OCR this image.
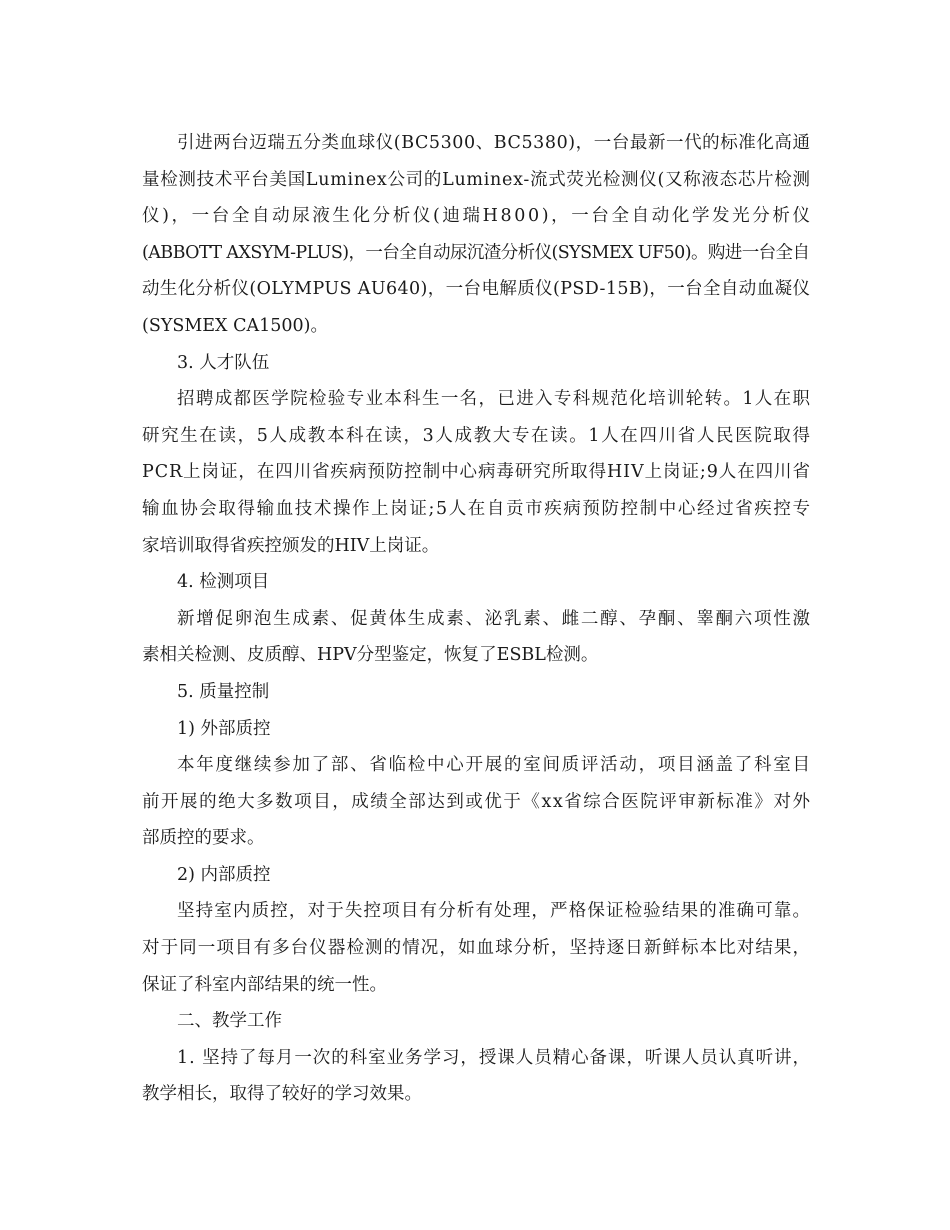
引进两台迈瑞五分类血球仪(BC5300、BC5380)，一台最新一代的标准化高通
量检测技术平台美国Luminex公司的Luminex-流式荧光检测仪(又称液态芯片检测
仪)，一台全自动尿液生化分析仪(迪瑞H800)，一台全自动化学发光分析仪
(ABBOTT AXSYM-PLUS)，一台全自动尿沉渣分析仪(SYSMEX UF50)。购进一台全自
动生化分析仪(OLYMPUS AU640)，一台电解质仪(PSD-15B)，一台全自动血凝仪
(SYSMEX CA1500)。
3. 人才队伍
招聘成都医学院检验专业本科生一名，已进入专科规范化培训轮转。1人在职
研究生在读，5人成教本科在读，3人成教大专在读。1人在四川省人民医院取得
PCR上岗证，在四川省疾病预防控制中心病毒研究所取得HIV上岗证;9人在四川省
输血协会取得输血技术操作上岗证;5人在自贡市疾病预防控制中心经过省疾控专
家培训取得省疾控颁发的HIV上岗证。
4. 检测项目
新增促卵泡生成素、促黄体生成素、泌乳素、雌二醇、孕酮、睾酮六项性激
素相关检测、皮质醇、HPV分型鉴定，恢复了ESBL检测。
5. 质量控制
1) 外部质控
本年度继续参加了部、省临检中心开展的室间质评活动，项目涵盖了科室目
前开展的绝大多数项目，成绩全部达到或优于《xx省综合医院评审新标准》对外
部质控的要求。
2) 内部质控
坚持室内质控，对于失控项目有分析有处理，严格保证检验结果的准确可靠。
对于同一项目有多台仪器检测的情况，如血球分析，坚持逐日新鲜标本比对结果，
保证了科室内部结果的统一性。
二、教学工作
1. 坚持了每月一次的科室业务学习，授课人员精心备课，听课人员认真听讲，
教学相长，取得了较好的学习效果。
